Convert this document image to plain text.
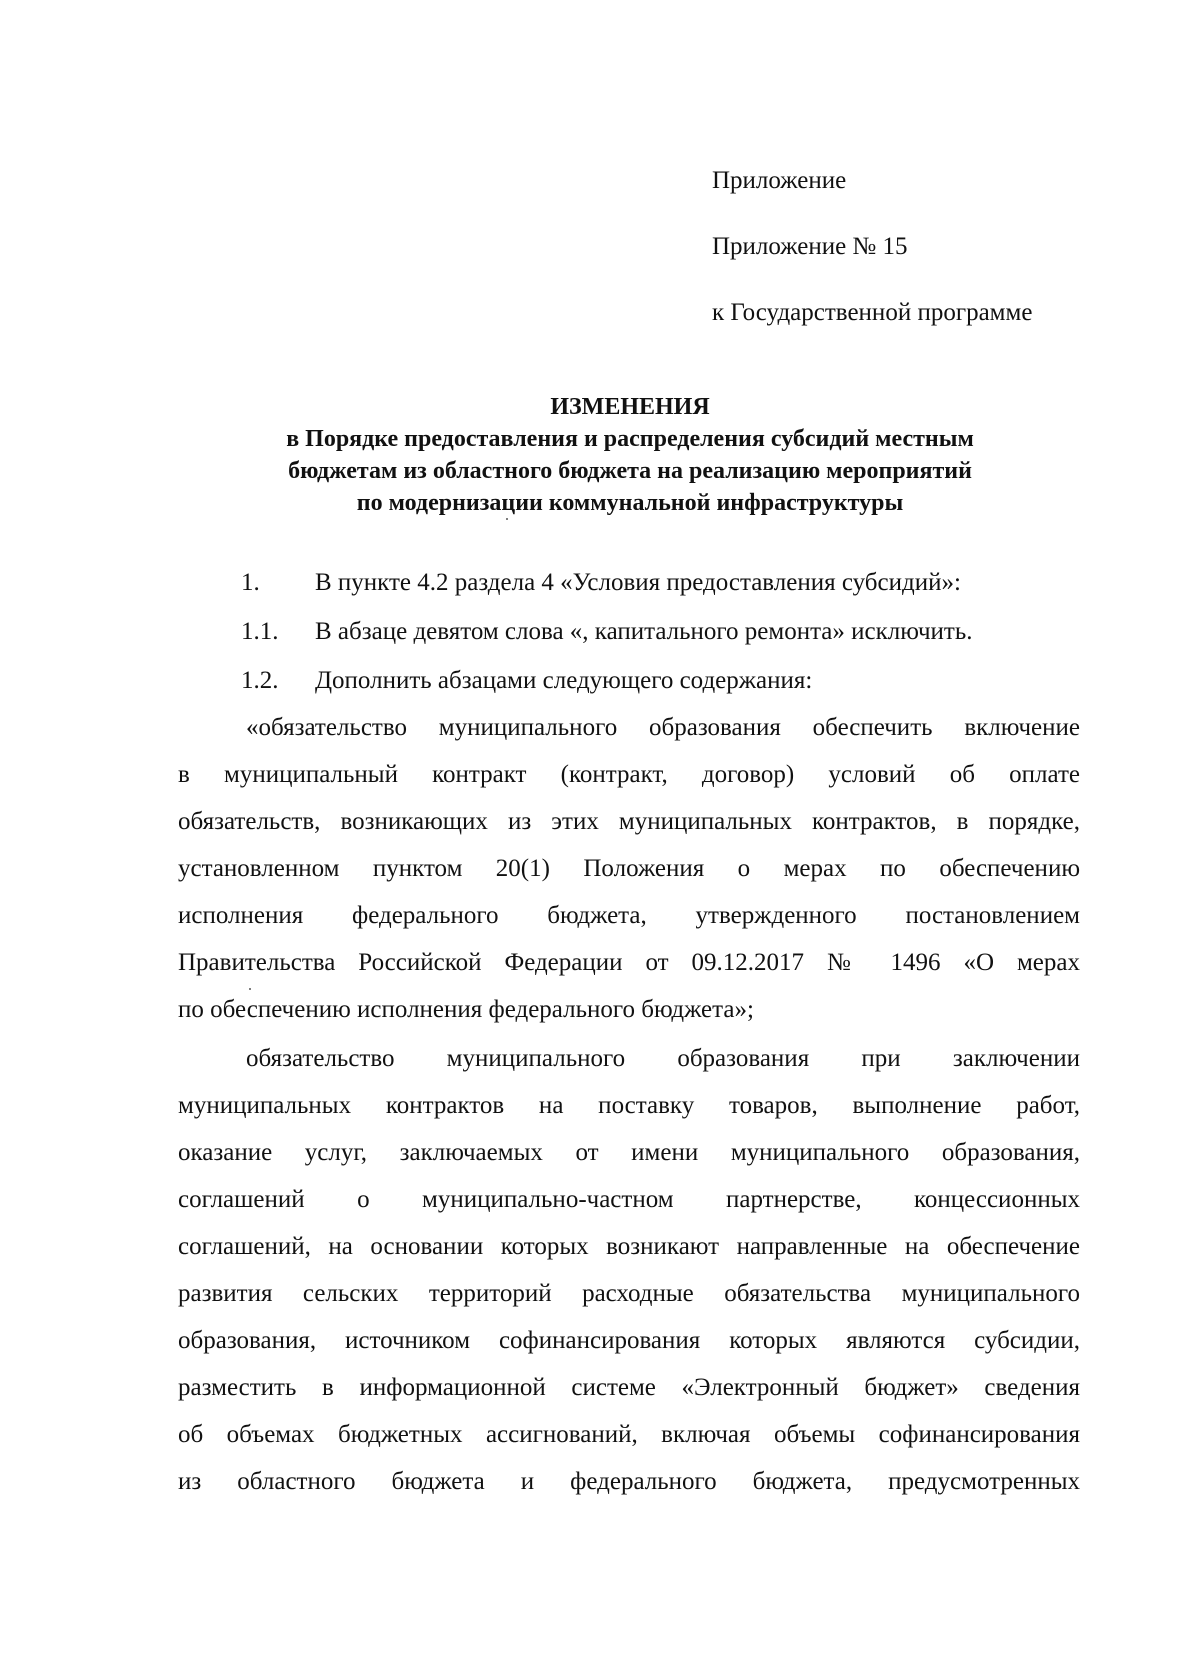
Приложение
Приложение № 15
к Государственной программе
ИЗМЕНЕНИЯ
в Порядке предоставления и распределения субсидий местным
бюджетам из областного бюджета на реализацию мероприятий
по модернизации коммунальной инфраструктуры
1. В пункте 4.2 раздела 4 «Условия предоставления субсидий»:
1.1. В абзаце девятом слова «, капитального ремонта» исключить.
1.2. Дополнить абзацами следующего содержания:
«обязательство муниципального образования обеспечить включение
в муниципальный контракт (контракт, договор) условий об оплате
обязательств, возникающих из этих муниципальных контрактов, в порядке,
установленном пунктом 20(1) Положения о мерах по обеспечению
исполнения федерального бюджета, утвержденного постановлением
Правительства Российской Федерации от 09.12.2017 № 1496 «О мерах
по обеспечению исполнения федерального бюджета»;
обязательство муниципального образования при заключении
муниципальных контрактов на поставку товаров, выполнение работ,
оказание услуг, заключаемых от имени муниципального образования,
соглашений о муниципально-частном партнерстве, концессионных
соглашений, на основании которых возникают направленные на обеспечение
развития сельских территорий расходные обязательства муниципального
образования, источником софинансирования которых являются субсидии,
разместить в информационной системе «Электронный бюджет» сведения
об объемах бюджетных ассигнований, включая объемы софинансирования
из областного бюджета и федерального бюджета, предусмотренных
